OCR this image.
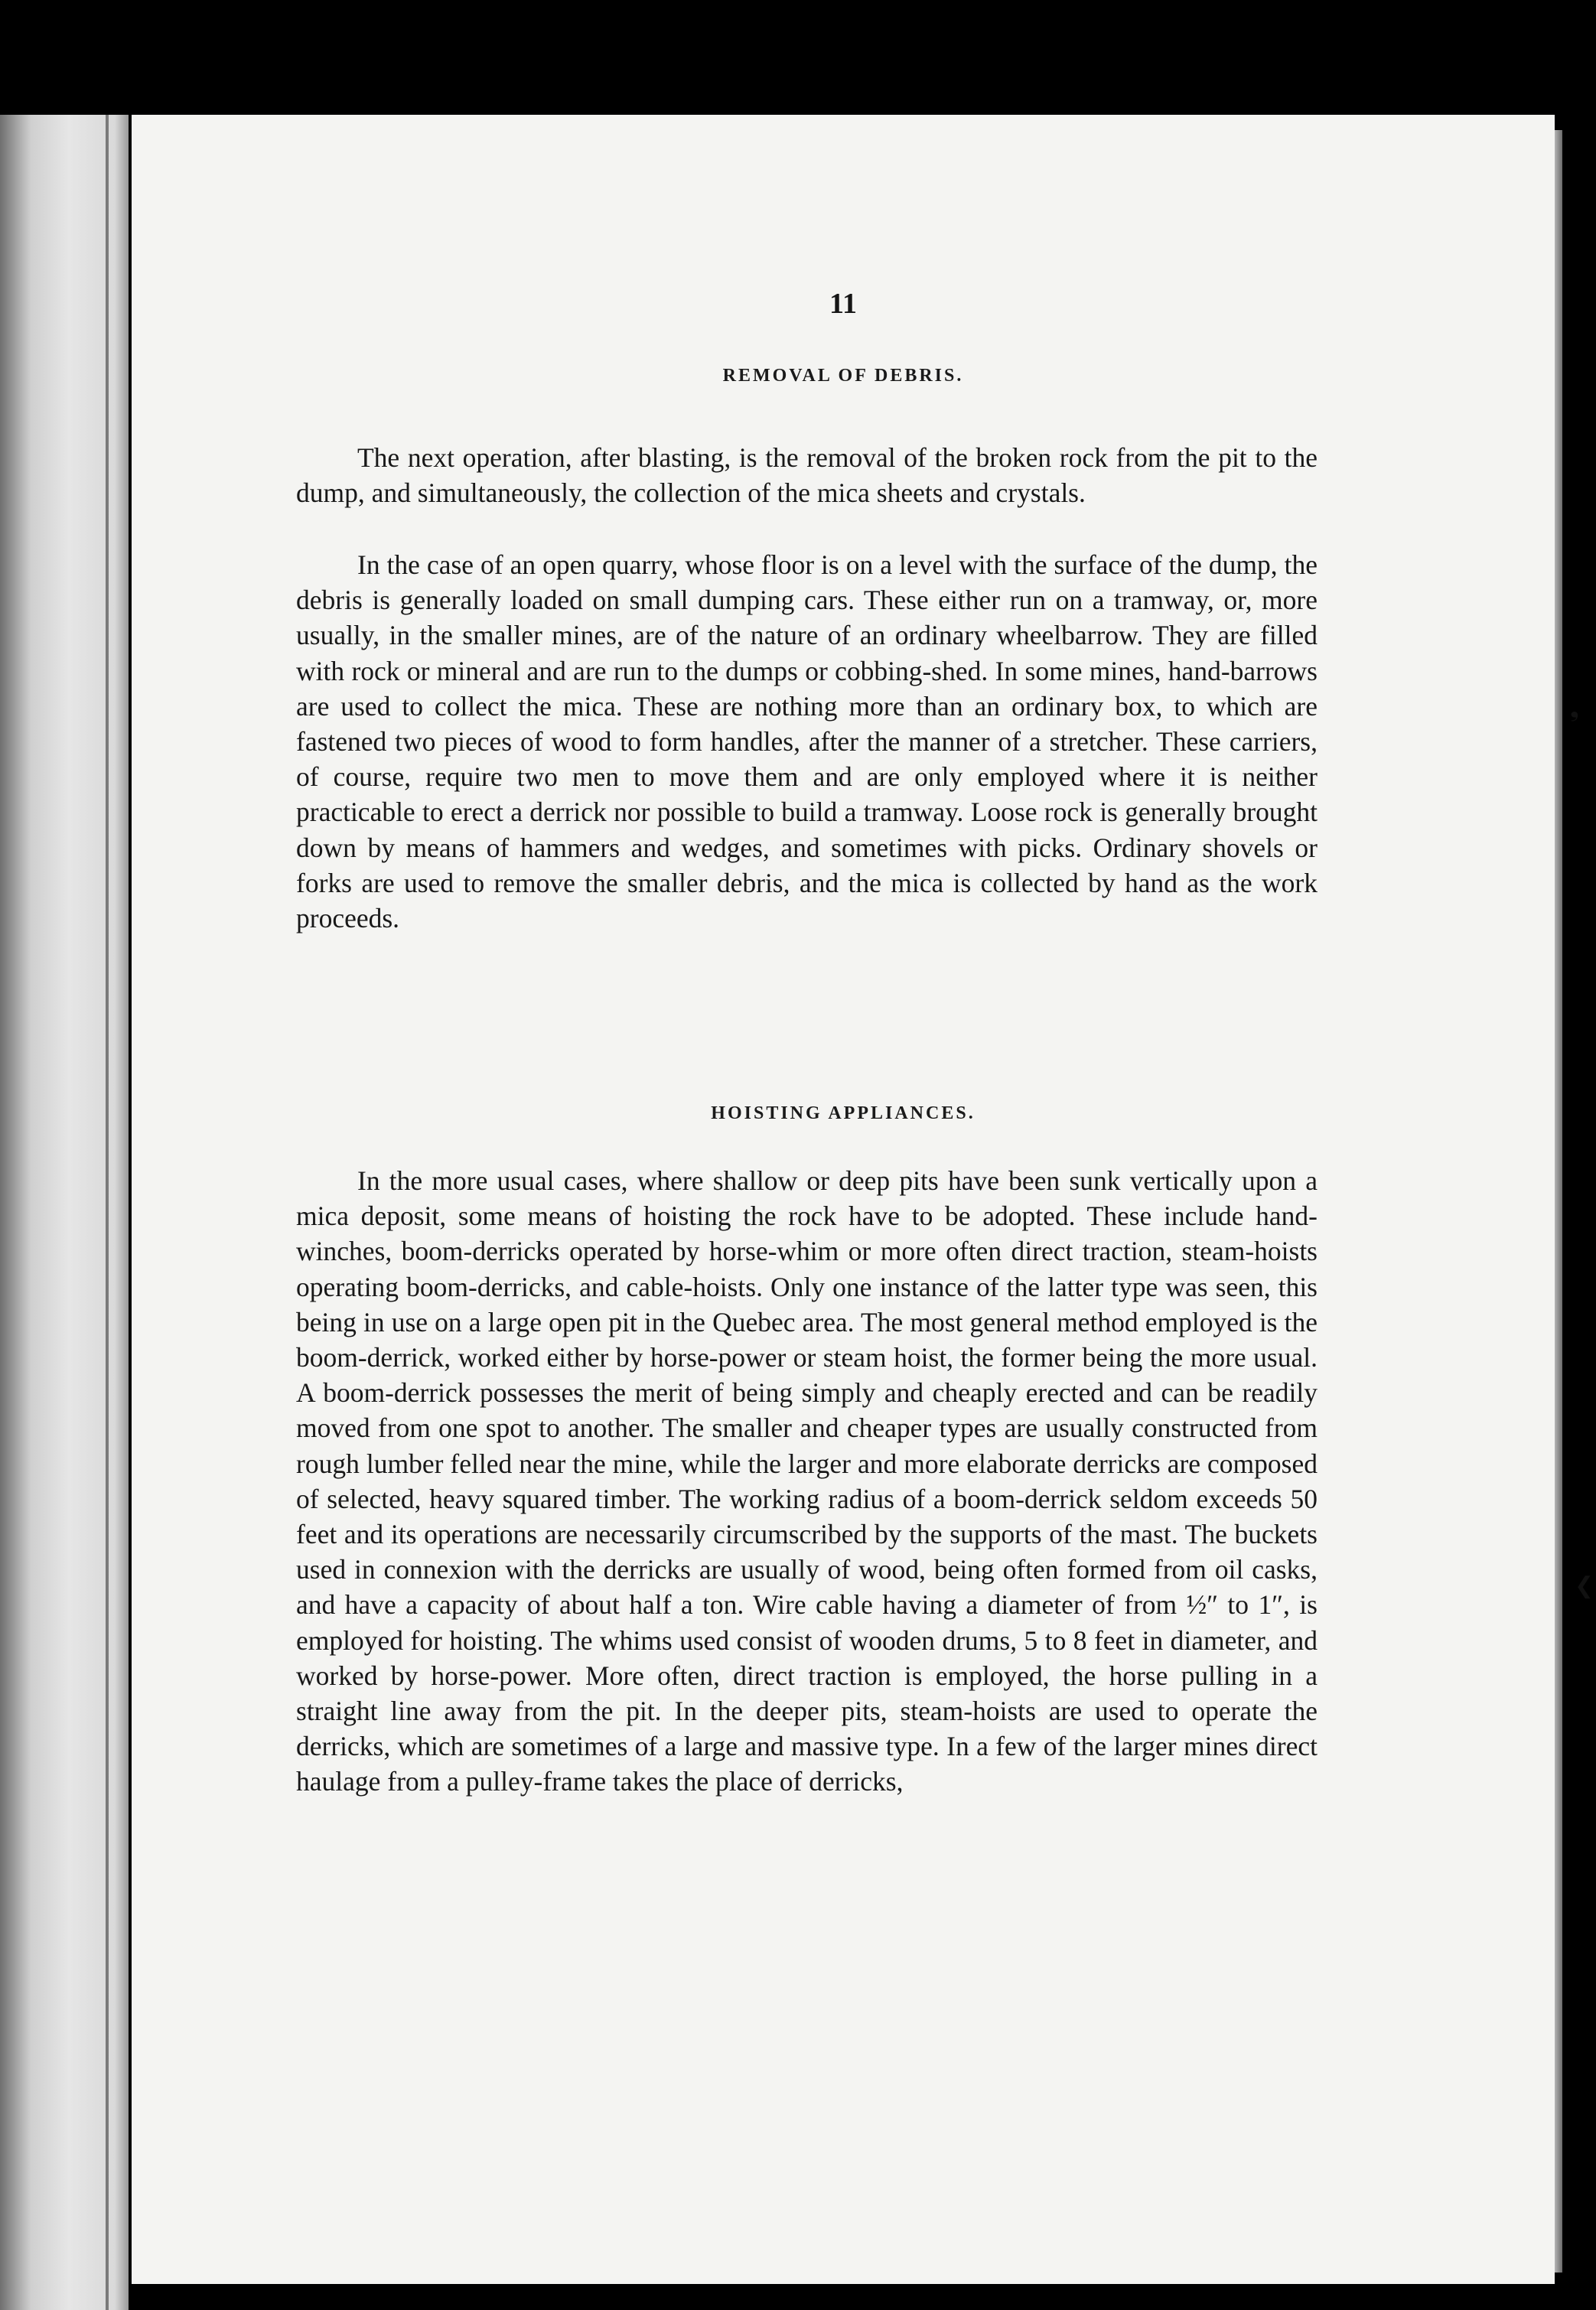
11
REMOVAL OF DEBRIS.

The next operation, after blasting, is the removal of the broken rock from the pit to the dump, and simultaneously, the collection of the mica sheets and crystals.

In the case of an open quarry, whose floor is on a level with the surface of the dump, the debris is generally loaded on small dumping cars. These either run on a tramway, or, more usually, in the smaller mines, are of the nature of an ordinary wheelbarrow. They are filled with rock or mineral and are run to the dumps or cobbing-shed. In some mines, hand-barrows are used to collect the mica. These are nothing more than an ordinary box, to which are fastened two pieces of wood to form handles, after the manner of a stretcher. These carriers, of course, require two men to move them and are only employed where it is neither practicable to erect a derrick nor possible to build a tramway. Loose rock is generally brought down by means of hammers and wedges, and sometimes with picks. Ordinary shovels or forks are used to remove the smaller debris, and the mica is collected by hand as the work proceeds.

HOISTING APPLIANCES.

In the more usual cases, where shallow or deep pits have been sunk vertically upon a mica deposit, some means of hoisting the rock have to be adopted. These include hand-winches, boom-derricks operated by horse-whim or more often direct traction, steam-hoists operating boom-derricks, and cable-hoists. Only one instance of the latter type was seen, this being in use on a large open pit in the Quebec area. The most general method employed is the boom-derrick, worked either by horse-power or steam hoist, the former being the more usual. A boom-derrick possesses the merit of being simply and cheaply erected and can be readily moved from one spot to another. The smaller and cheaper types are usually constructed from rough lumber felled near the mine, while the larger and more elaborate derricks are composed of selected, heavy squared timber. The working radius of a boom-derrick seldom exceeds 50 feet and its operations are necessarily circumscribed by the supports of the mast. The buckets used in connexion with the derricks are usually of wood, being often formed from oil casks, and have a capacity of about half a ton. Wire cable having a diameter of from ½″ to 1″, is employed for hoisting. The whims used consist of wooden drums, 5 to 8 feet in diameter, and worked by horse-power. More often, direct traction is employed, the horse pulling in a straight line away from the pit. In the deeper pits, steam-hoists are used to operate the derricks, which are sometimes of a large and massive type. In a few of the larger mines direct haulage from a pulley-frame takes the place of derricks,

❟
❮
